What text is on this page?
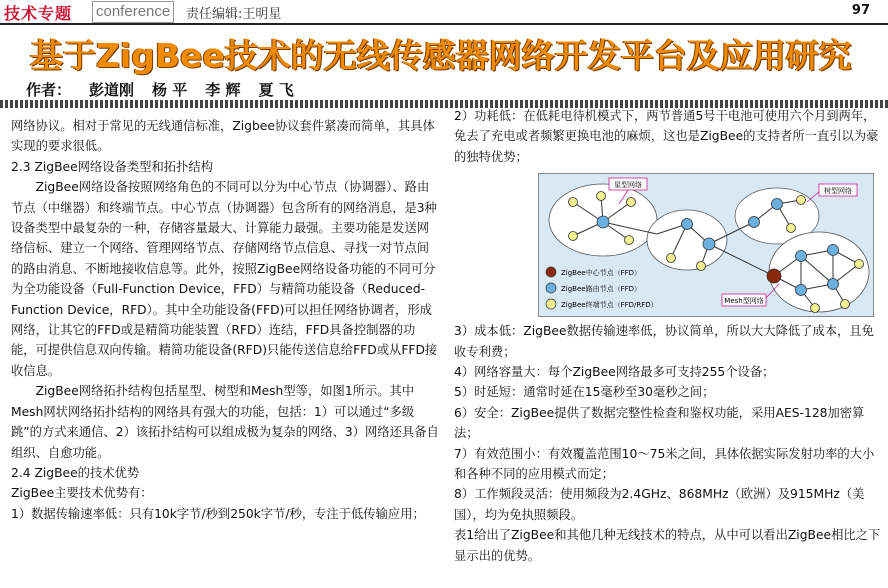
技术专题 conference	责任编辑:王明星	97
基于ZigBee技术的无线传感器网络开发平台及应用研究
作者： 彭道刚 杨 平 李 辉 夏 飞

网络协议。相对于常见的无线通信标准，Zigbee协议套件紧凑而简单，其具体实现的要求很低。

2.3 ZigBee网络设备类型和拓扑结构

ZigBee网络设备按照网络角色的不同可以分为中心节点（协调器）、路由节点（中继器）和终端节点。中心节点（协调器）包含所有的网络消息，是3种设备类型中最复杂的一种，存储容量最大、计算能力最强。主要功能是发送网络信标、建立一个网络、管理网络节点、存储网络节点信息、寻找一对节点间的路由消息、不断地接收信息等。此外，按照ZigBee网络设备功能的不同可分为全功能设备（Full-Function Device，FFD）与精简功能设备（Reduced-Function Device，RFD）。其中全功能设备(FFD)可以担任网络协调者，形成网络，让其它的FFD或是精简功能装置（RFD）连结，FFD具备控制器的功能，可提供信息双向传输。精简功能设备(RFD)只能传送信息给FFD或从FFD接收信息。

ZigBee网络拓扑结构包括星型、树型和Mesh型等，如图1所示。其中Mesh网状网络拓扑结构的网络具有强大的功能，包括：1）可以通过“多级跳”的方式来通信、2）该拓扑结构可以组成极为复杂的网络、3）网络还具备自组织、自愈功能。

2.4 ZigBee的技术优势

ZigBee主要技术优势有：

1）数据传输速率低：只有10k字节/秒到250k字节/秒，专注于低传输应用；

2）功耗低：在低耗电待机模式下，两节普通5号干电池可使用六个月到两年，免去了充电或者频繁更换电池的麻烦，这也是ZigBee的支持者所一直引以为豪的独特优势；

星型网络
树型网络
Mesh型网络
ZigBee中心节点（FFD）
ZigBee路由节点（FFD）
ZigBee终端节点（FFD/RFD）

3）成本低：ZigBee数据传输速率低，协议简单，所以大大降低了成本，且免收专利费；

4）网络容量大：每个ZigBee网络最多可支持255个设备；

5）时延短：通常时延在15毫秒至30毫秒之间；

6）安全：ZigBee提供了数据完整性检查和鉴权功能，采用AES-128加密算法；

7）有效范围小：有效覆盖范围10～75米之间，具体依据实际发射功率的大小和各种不同的应用模式而定；

8）工作频段灵活：使用频段为2.4GHz、868MHz（欧洲）及915MHz（美国），均为免执照频段。

表1给出了ZigBee和其他几种无线技术的特点，从中可以看出ZigBee相比之下显示出的优势。
